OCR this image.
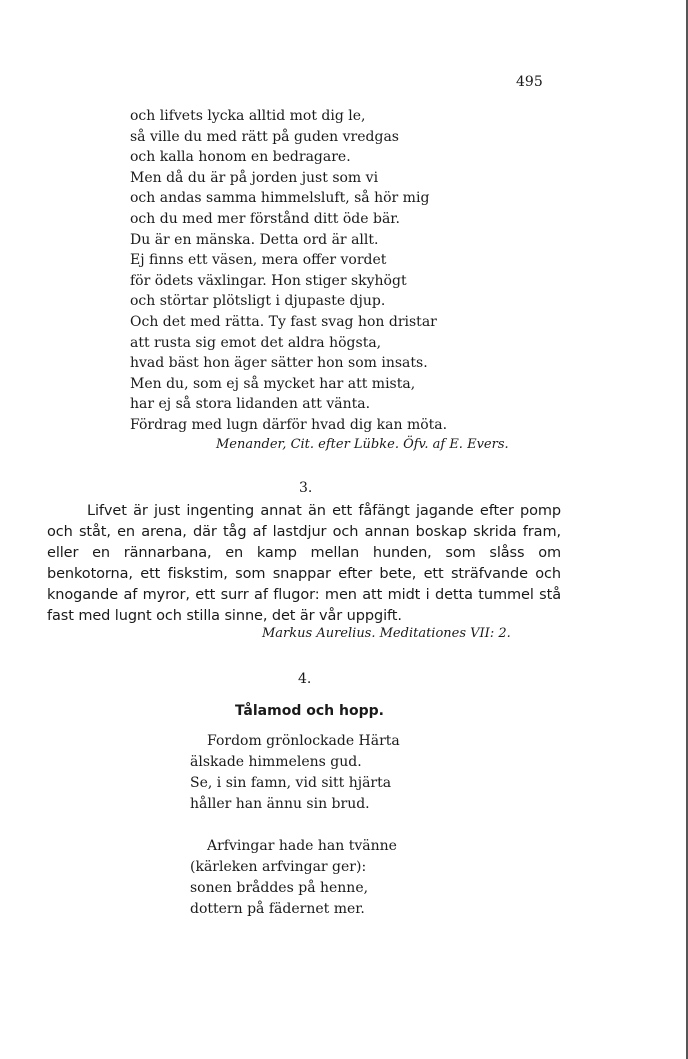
495
och lifvets lycka alltid mot dig le,
så ville du med rätt på guden vredgas
och kalla honom en bedragare.
Men då du är på jorden just som vi
och andas samma himmelsluft, så hör mig
och du med mer förstånd ditt öde bär.
Du är en mänska. Detta ord är allt.
Ej finns ett väsen, mera offer vordet
för ödets växlingar. Hon stiger skyhögt
och störtar plötsligt i djupaste djup.
Och det med rätta. Ty fast svag hon dristar
att rusta sig emot det aldra högsta,
hvad bäst hon äger sätter hon som insats.
Men du, som ej så mycket har att mista,
har ej så stora lidanden att vänta.
Fördrag med lugn därför hvad dig kan möta.
Menander, Cit. efter Lübke. Öfv. af E. Evers.
3.

Lifvet är just ingenting annat än ett fåfängt jagande efter pomp och ståt, en arena, där tåg af lastdjur och annan boskap skrida fram, eller en rännarbana, en kamp mellan hunden, som slåss om benkotorna, ett fiskstim, som snappar efter bete, ett sträfvande och knogande af myror, ett surr af flugor: men att midt i detta tummel stå fast med lugnt och stilla sinne, det är vår uppgift.

Markus Aurelius. Meditationes VII: 2.
4.
Tålamod och hopp.
Fordom grönlockade Härta
älskade himmelens gud.
Se, i sin famn, vid sitt hjärta
håller han ännu sin brud.
Arfvingar hade han tvänne
(kärleken arfvingar ger):
sonen bråddes på henne,
dottern på fädernet mer.
